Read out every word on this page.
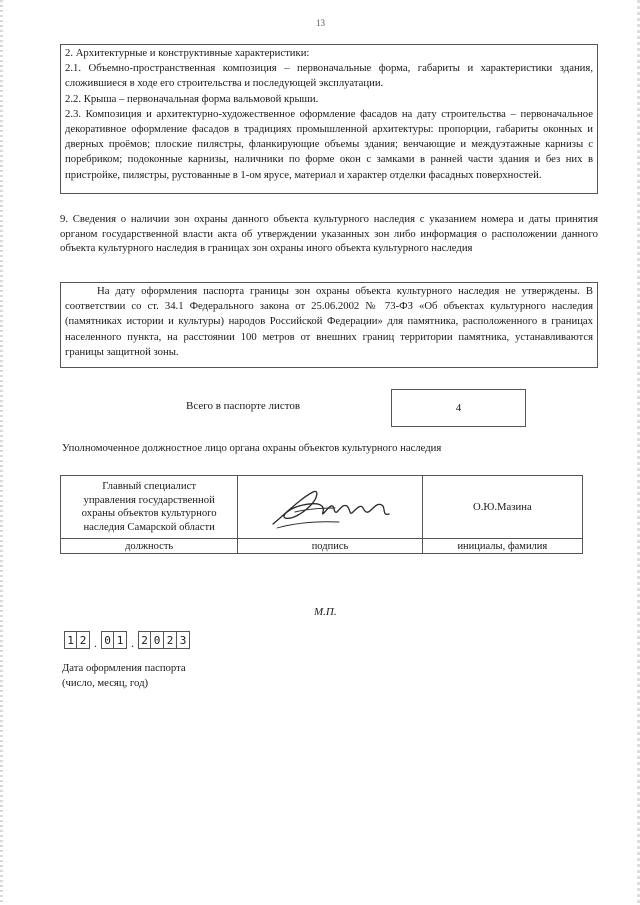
13

2. Архитектурные и конструктивные характеристики:

2.1. Объемно-пространственная композиция – первоначальные форма, габариты и характеристики здания, сложившиеся в ходе его строительства и последующей эксплуатации.

2.2. Крыша – первоначальная форма вальмовой крыши.

2.3. Композиция и архитектурно-художественное оформление фасадов на дату строительства – первоначальное декоративное оформление фасадов в традициях промышленной архитектуры: пропорции, габариты оконных и дверных проёмов; плоские пилястры, фланкирующие объемы здания; венчающие и междуэтажные карнизы с поребриком; подоконные карнизы, наличники по форме окон с замками в ранней части здания и без них в пристройке, пилястры, рустованные в 1-ом ярусе, материал и характер отделки фасадных поверхностей.

9. Сведения о наличии зон охраны данного объекта культурного наследия с указанием номера и даты принятия органом государственной власти акта об утверждении указанных зон либо информация о расположении данного объекта культурного наследия в границах зон охраны иного объекта культурного наследия

На дату оформления паспорта границы зон охраны объекта культурного наследия не утверждены. В соответствии со ст. 34.1 Федерального закона от 25.06.2002 № 73-ФЗ «Об объектах культурного наследия (памятниках истории и культуры) народов Российской Федерации» для памятника, расположенного в границах населенного пункта, на расстоянии 100 метров от внешних границ территории памятника, устанавливаются границы защитной зоны.

Всего в паспорте листов	4
Уполномоченное должностное лицо органа охраны объектов культурного наследия
Главный специалист
управления государственной
охраны объектов культурного
наследия Самарской области		О.Ю.Мазина
должность	подпись	инициалы, фамилия
М.П.
1 2 . 0 1 . 2 0 2 3
Дата оформления паспорта
(число, месяц, год)
